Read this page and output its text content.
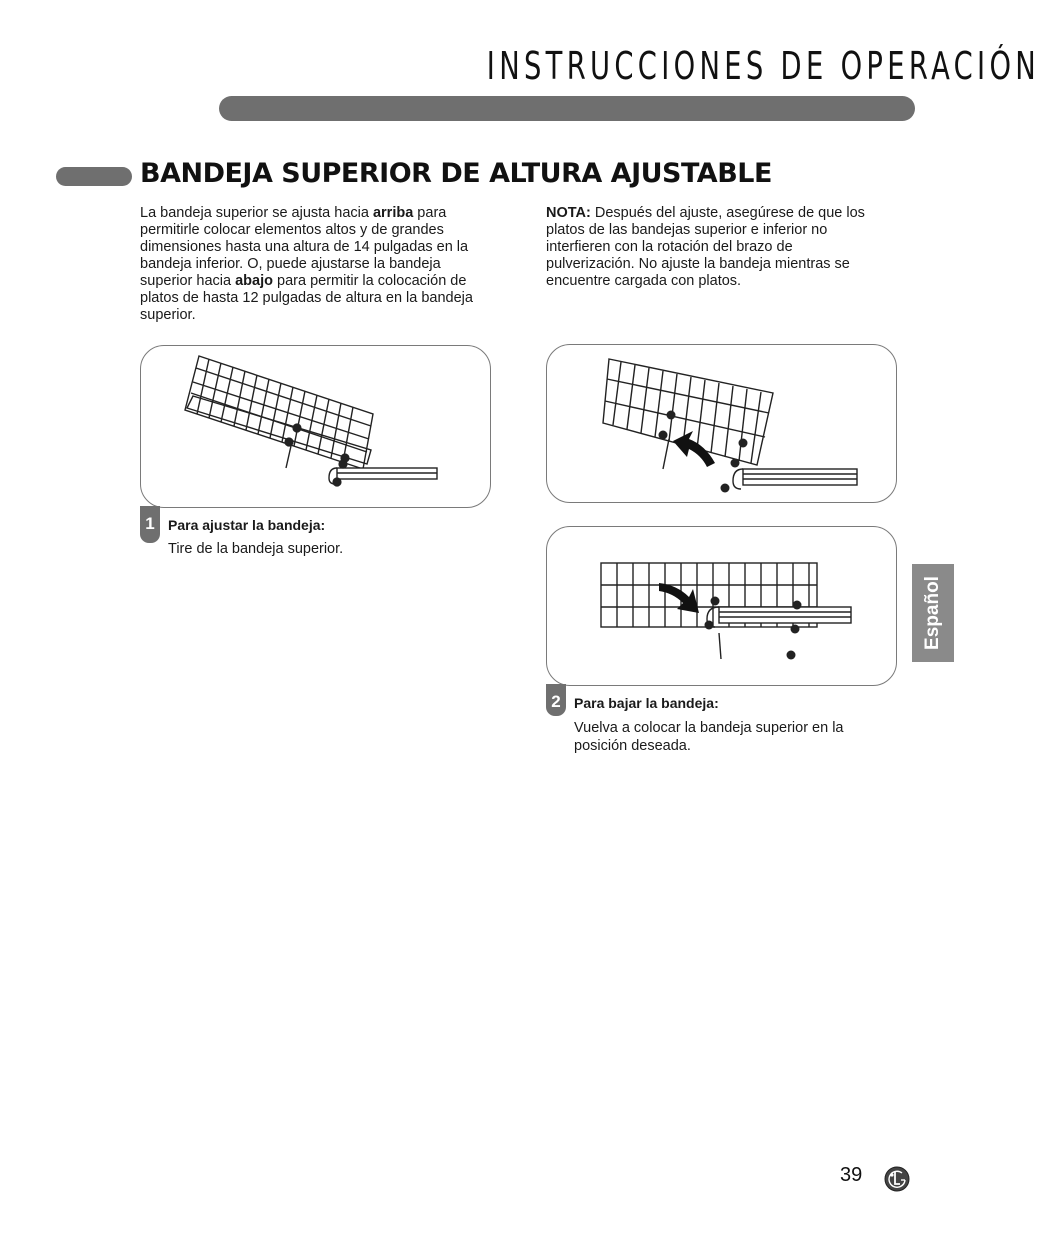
INSTRUCCIONES DE OPERACIÓN
BANDEJA SUPERIOR DE ALTURA AJUSTABLE

La bandeja superior se ajusta hacia arriba para permitirle colocar elementos altos y de grandes dimensiones hasta una altura de 14 pulgadas en la bandeja inferior. O, puede ajustarse la bandeja superior hacia abajo para permitir la colocación de platos de hasta 12 pulgadas de altura en la bandeja superior.

NOTA: Después del ajuste, asegúrese de que los platos de las bandejas superior e inferior no interfieren con la rotación del brazo de pulverización. No ajuste la bandeja mientras se encuentre cargada con platos.

1 Para ajustar la bandeja:

Tire de la bandeja superior.

2 Para bajar la bandeja:

Vuelva a colocar la bandeja superior en la posición deseada.

Español

39
